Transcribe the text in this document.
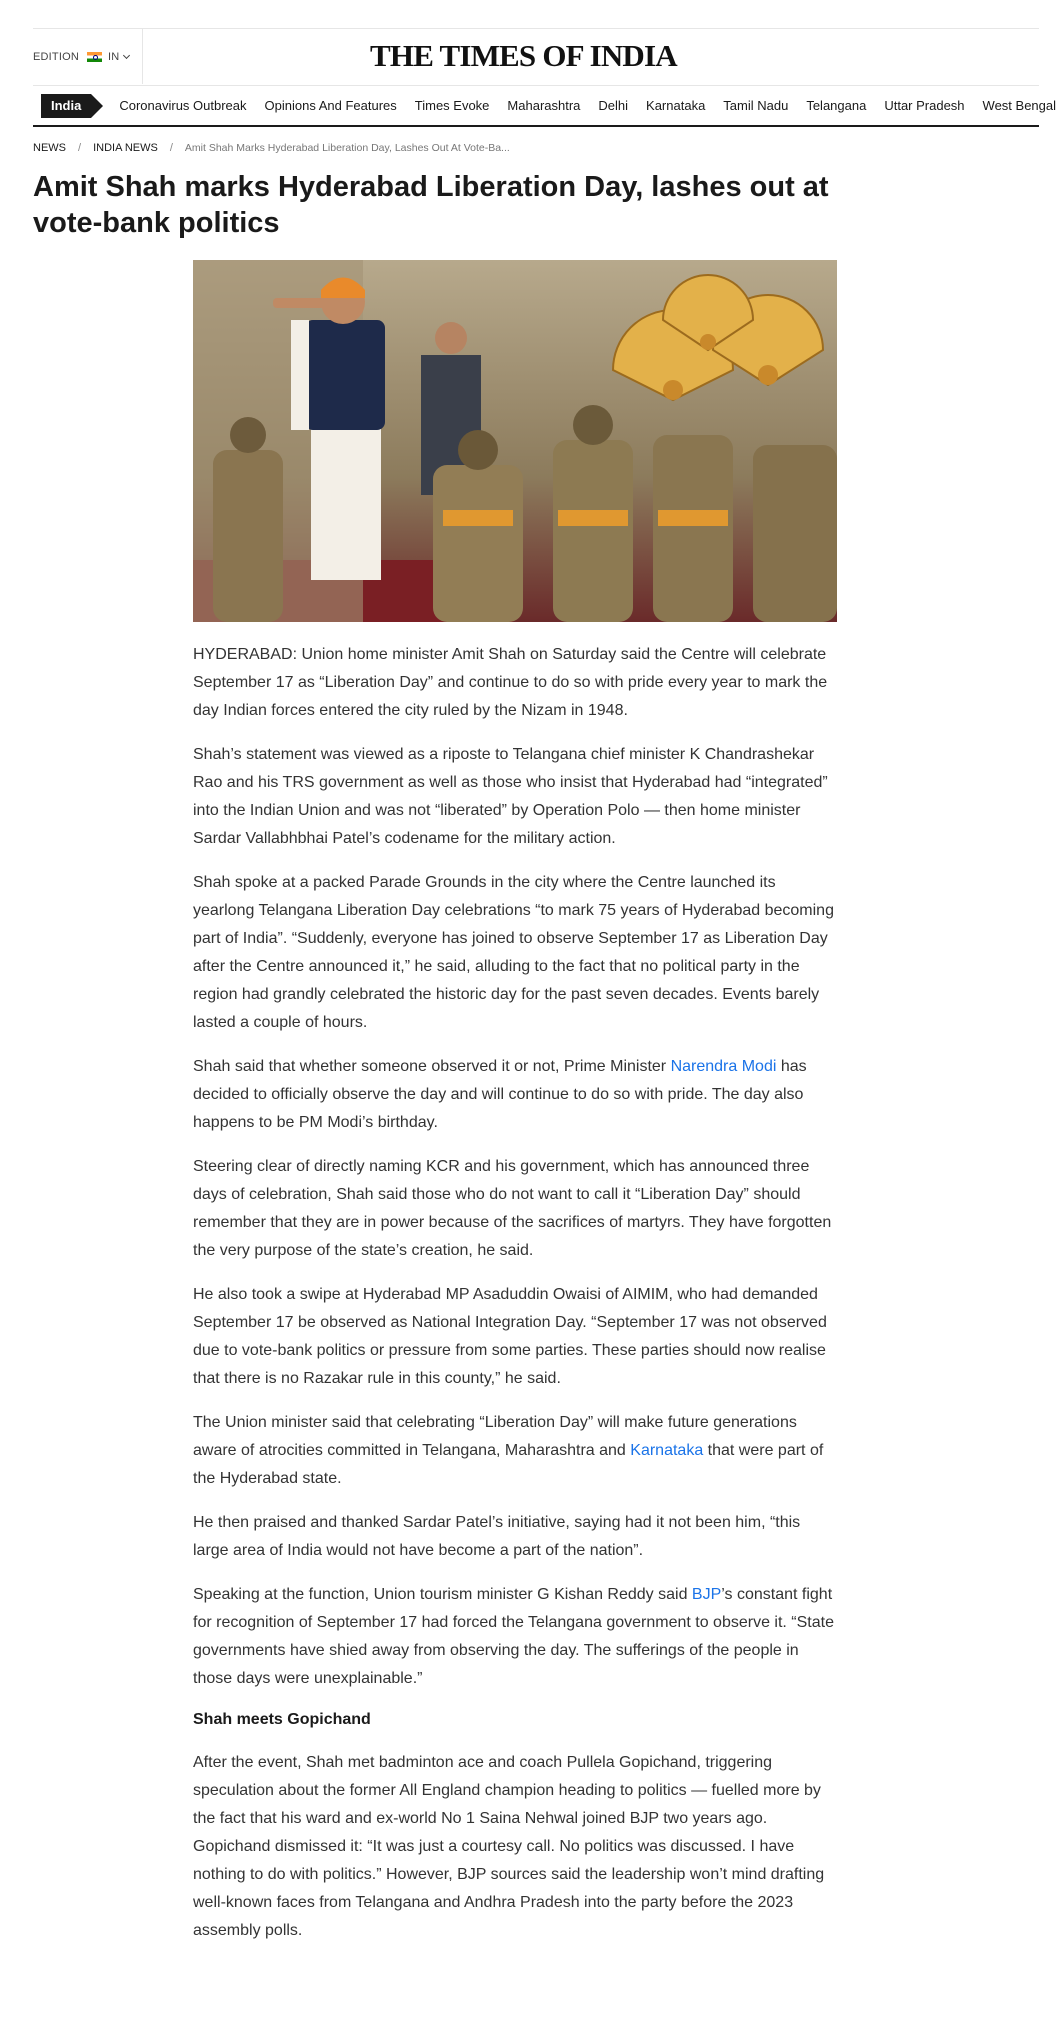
EDITION	IN	THE TIMES OF INDIA
India	Coronavirus Outbreak Opinions And Features Times Evoke Maharashtra Delhi Karnataka Tamil Nadu Telangana Uttar Pradesh West Bengal
NEWS / INDIA NEWS / Amit Shah Marks Hyderabad Liberation Day, Lashes Out At Vote-Ba...
Amit Shah marks Hyderabad Liberation Day, lashes out at vote-bank politics

HYDERABAD: Union home minister Amit Shah on Saturday said the Centre will celebrate September 17 as “Liberation Day” and continue to do so with pride every year to mark the day Indian forces entered the city ruled by the Nizam in 1948.

Shah’s statement was viewed as a riposte to Telangana chief minister K Chandrashekar Rao and his TRS government as well as those who insist that Hyderabad had “integrated” into the Indian Union and was not “liberated” by Operation Polo — then home minister Sardar Vallabhbhai Patel’s codename for the military action.

Shah spoke at a packed Parade Grounds in the city where the Centre launched its yearlong Telangana Liberation Day celebrations “to mark 75 years of Hyderabad becoming part of India”. “Suddenly, everyone has joined to observe September 17 as Liberation Day after the Centre announced it,” he said, alluding to the fact that no political party in the region had grandly celebrated the historic day for the past seven decades. Events barely lasted a couple of hours.

Shah said that whether someone observed it or not, Prime Minister Narendra Modi has decided to officially observe the day and will continue to do so with pride. The day also happens to be PM Modi’s birthday.

Steering clear of directly naming KCR and his government, which has announced three days of celebration, Shah said those who do not want to call it “Liberation Day” should remember that they are in power because of the sacrifices of martyrs. They have forgotten the very purpose of the state’s creation, he said.

He also took a swipe at Hyderabad MP Asaduddin Owaisi of AIMIM, who had demanded September 17 be observed as National Integration Day. “September 17 was not observed due to vote-bank politics or pressure from some parties. These parties should now realise that there is no Razakar rule in this county,” he said.

The Union minister said that celebrating “Liberation Day” will make future generations aware of atrocities committed in Telangana, Maharashtra and Karnataka that were part of the Hyderabad state.

He then praised and thanked Sardar Patel’s initiative, saying had it not been him, “this large area of India would not have become a part of the nation”.

Speaking at the function, Union tourism minister G Kishan Reddy said BJP’s constant fight for recognition of September 17 had forced the Telangana government to observe it. “State governments have shied away from observing the day. The sufferings of the people in those days were unexplainable.”

Shah meets Gopichand

After the event, Shah met badminton ace and coach Pullela Gopichand, triggering speculation about the former All England champion heading to politics — fuelled more by the fact that his ward and ex-world No 1 Saina Nehwal joined BJP two years ago. Gopichand dismissed it: “It was just a courtesy call. No politics was discussed. I have nothing to do with politics.” However, BJP sources said the leadership won’t mind drafting well-known faces from Telangana and Andhra Pradesh into the party before the 2023 assembly polls.
